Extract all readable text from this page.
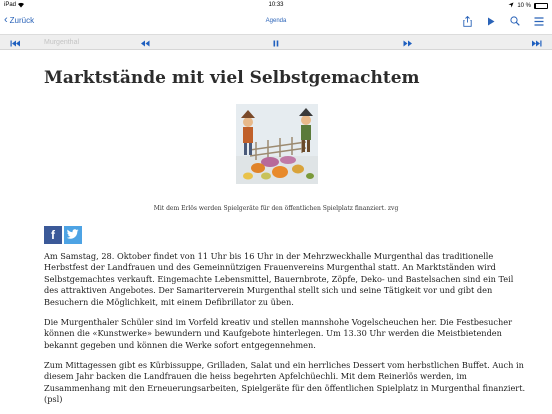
iPad	10:33	10 %
‹ Zurück	Agenda
Murgenthal
Marktstände mit viel Selbstgemachtem
Mit dem Erlös werden Spielgeräte für den öffentlichen Spielplatz finanziert. zvg
f

Am Samstag, 28. Oktober findet von 11 Uhr bis 16 Uhr in der Mehrzweckhalle Murgenthal das traditionelle Herbstfest der Landfrauen und des Gemeinnützigen Frauenvereins Murgenthal statt. An Marktständen wird Selbstgemachtes verkauft. Eingemachte Lebensmittel, Bauernbrote, Zöpfe, Deko- und Bastelsachen sind ein Teil des attraktiven Angebotes. Der Samariterverein Murgenthal stellt sich und seine Tätigkeit vor und gibt den Besuchern die Möglichkeit, mit einem Defibrillator zu üben.

Die Murgenthaler Schüler sind im Vorfeld kreativ und stellen mannshohe Vogelscheuchen her. Die Festbesucher können die «Kunstwerke» bewundern und Kaufgebote hinterlegen. Um 13.30 Uhr werden die Meistbietenden bekannt gegeben und können die Werke sofort entgegennehmen.

Zum Mittagessen gibt es Kürbissuppe, Grilladen, Salat und ein herrliches Dessert vom herbstlichen Buffet. Auch in diesem Jahr backen die Landfrauen die heiss begehrten Apfelchüechli. Mit dem Reinerlös werden, im Zusammenhang mit den Erneuerungsarbeiten, Spielgeräte für den öffentlichen Spielplatz in Murgenthal finanziert. (psl)
